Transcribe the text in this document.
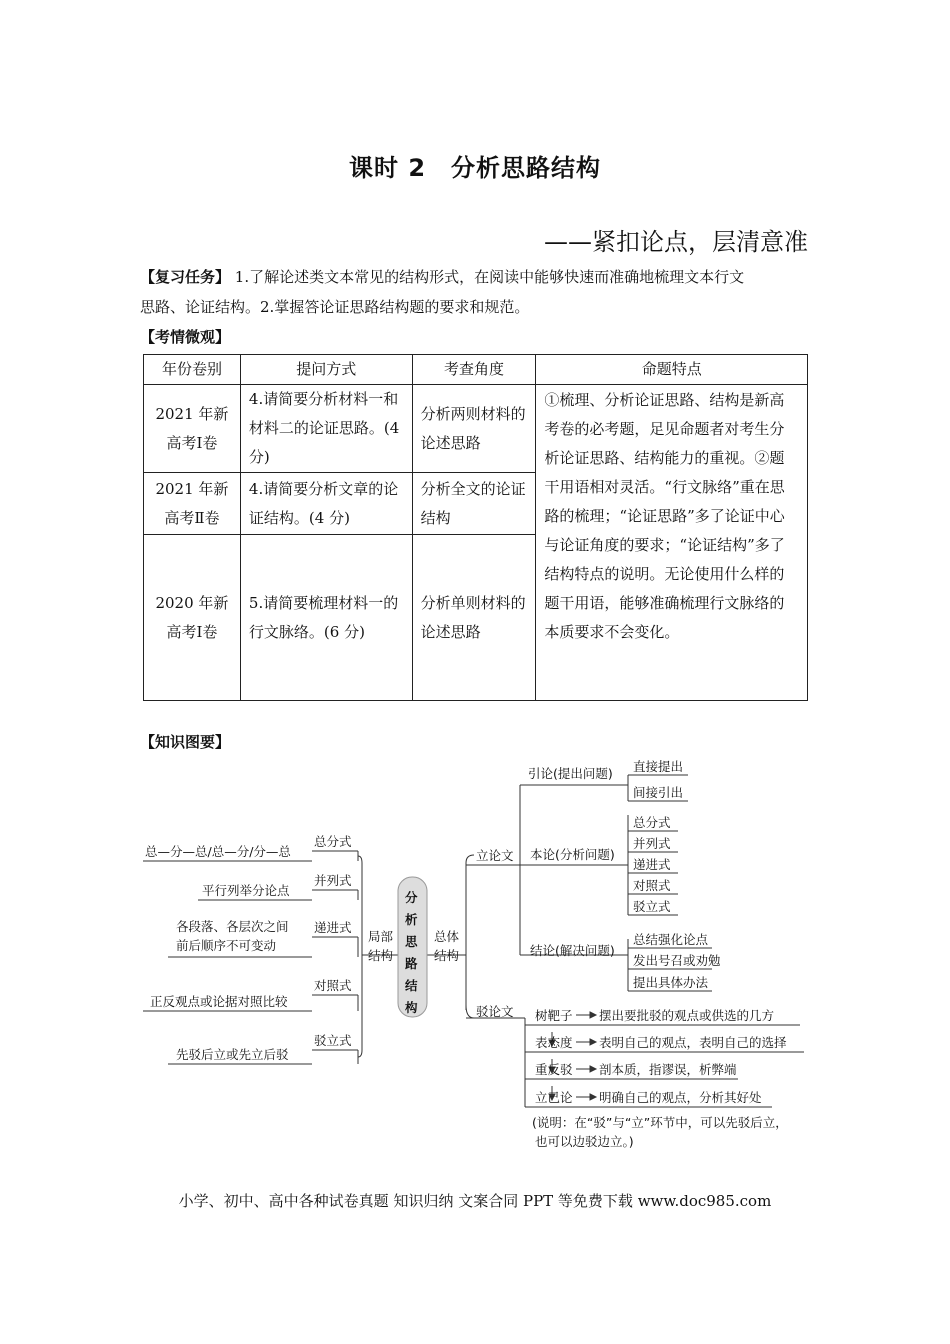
课时 2　分析思路结构
——紧扣论点，层清意准
【复习任务】 1.了解论述类文本常见的结构形式，在阅读中能够快速而准确地梳理文本行文
思路、论证结构。2.掌握答论证思路结构题的要求和规范。
【考情微观】
年份卷别	提问方式	考查角度	命题特点
2021 年新高考Ⅰ卷	4.请简要分析材料一和材料二的论证思路。(4 分)	分析两则材料的论述思路	①梳理、分析论证思路、结构是新高考卷的必考题，足见命题者对考生分析论证思路、结构能力的重视。②题干用语相对灵活。“行文脉络”重在思路的梳理；“论证思路”多了论证中心与论证角度的要求；“论证结构”多了结构特点的说明。无论使用什么样的题干用语，能够准确梳理行文脉络的本质要求不会变化。
2021 年新高考Ⅱ卷	4.请简要分析文章的论证结构。(4 分)	分析全文的论证结构	
2020 年新高考Ⅰ卷	5.请简要梳理材料一的行文脉络。(6 分)	分析单则材料的论述思路	
【知识图要】
总—分—总/总—分/分—总
平行列举分论点
各段落、各层次之间
前后顺序不可变动
正反观点或论据对照比较
先驳后立或先立后驳
总分式
并列式
递进式
对照式
驳立式
局部
结构
分
析
思
路
结
构
总体
结构
立论文
驳论文
引论(提出问题)
本论(分析问题)
结论(解决问题)
直接提出
间接引出
总分式
并列式
递进式
对照式
驳立式
总结强化论点
发出号召或劝勉
提出具体办法
树靶子
表态度
重反驳
立己论
摆出要批驳的观点或供选的几方
表明自己的观点，表明自己的选择
剖本质，指谬误，析弊端
明确自己的观点，分析其好处
(说明：在“驳”与“立”环节中，可以先驳后立，
也可以边驳边立。)
小学、初中、高中各种试卷真题 知识归纳 文案合同 PPT 等免费下载 www.doc985.com
